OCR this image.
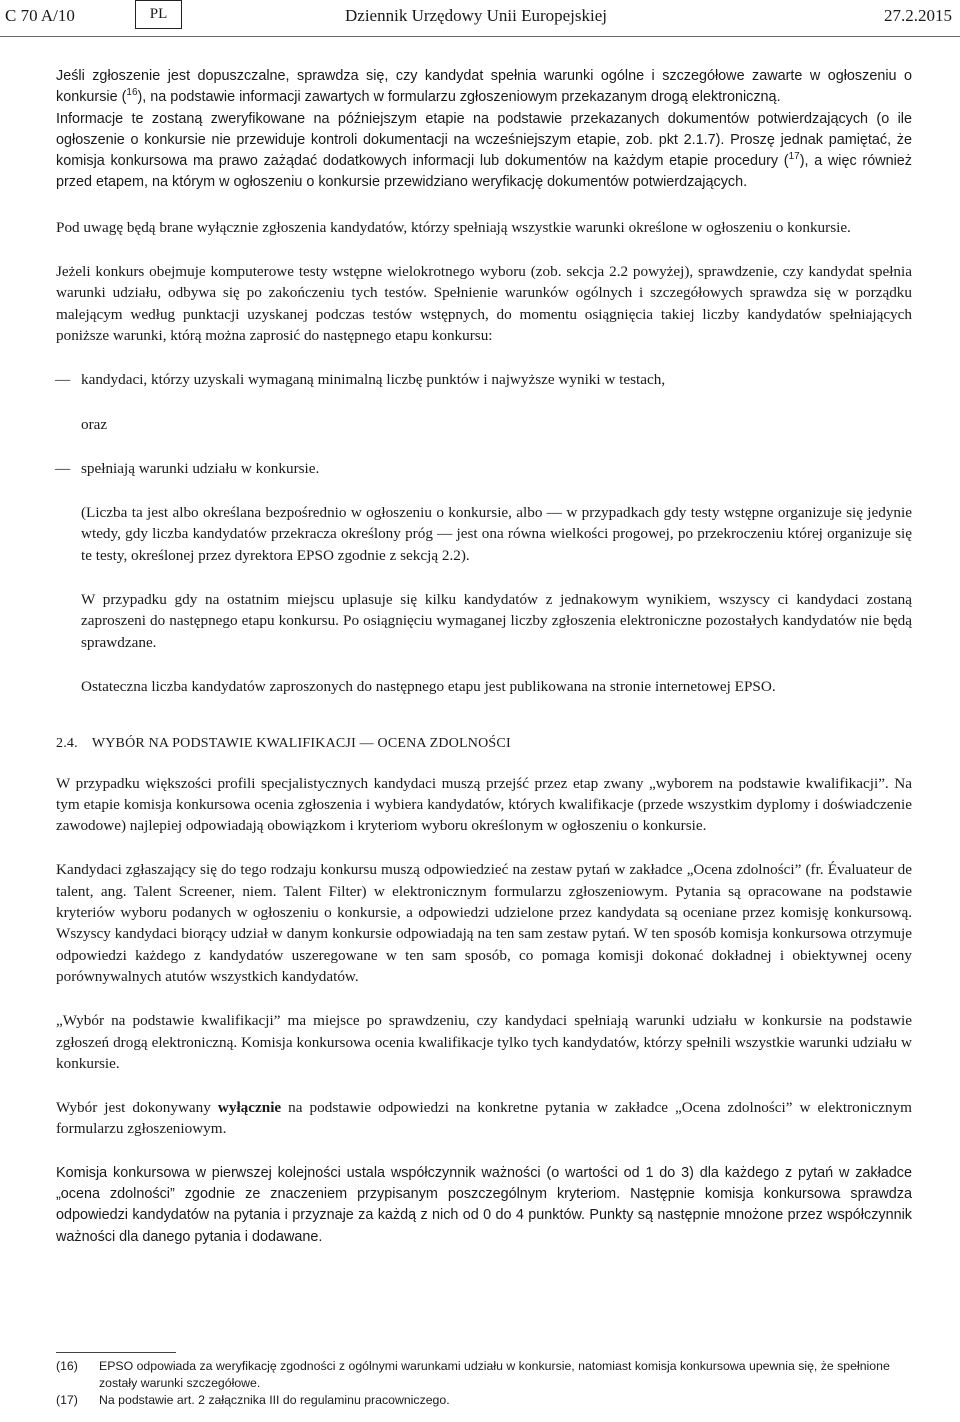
C 70 A/10	PL	Dziennik Urzędowy Unii Europejskiej	27.2.2015

Jeśli zgłoszenie jest dopuszczalne, sprawdza się, czy kandydat spełnia warunki ogólne i szczegółowe zawarte w ogłoszeniu o konkursie ($^{16}$), na podstawie informacji zawartych w formularzu zgłoszeniowym przekazanym drogą elektroniczną.
Informacje te zostaną zweryfikowane na późniejszym etapie na podstawie przekazanych dokumentów potwierdzających (o ile ogłoszenie o konkursie nie przewiduje kontroli dokumentacji na wcześniejszym etapie, zob. pkt 2.1.7). Proszę jednak pamiętać, że komisja konkursowa ma prawo zażądać dodatkowych informacji lub dokumentów na każdym etapie procedury ($^{17}$), a więc również przed etapem, na którym w ogłoszeniu o konkursie przewidziano weryfikację dokumentów potwierdzających.

Pod uwagę będą brane wyłącznie zgłoszenia kandydatów, którzy spełniają wszystkie warunki określone w ogłoszeniu o konkursie.

Jeżeli konkurs obejmuje komputerowe testy wstępne wielokrotnego wyboru (zob. sekcja 2.2 powyżej), sprawdzenie, czy kandydat spełnia warunki udziału, odbywa się po zakończeniu tych testów. Spełnienie warunków ogólnych i szczegółowych sprawdza się w porządku malejącym według punktacji uzyskanej podczas testów wstępnych, do momentu osiągnięcia takiej liczby kandydatów spełniających poniższe warunki, którą można zaprosić do następnego etapu konkursu:

— kandydaci, którzy uzyskali wymaganą minimalną liczbę punktów i najwyższe wyniki w testach,

oraz

— spełniają warunki udziału w konkursie.

(Liczba ta jest albo określana bezpośrednio w ogłoszeniu o konkursie, albo — w przypadkach gdy testy wstępne organizuje się jedynie wtedy, gdy liczba kandydatów przekracza określony próg — jest ona równa wielkości progowej, po przekroczeniu której organizuje się te testy, określonej przez dyrektora EPSO zgodnie z sekcją 2.2).

W przypadku gdy na ostatnim miejscu uplasuje się kilku kandydatów z jednakowym wynikiem, wszyscy ci kandydaci zostaną zaproszeni do następnego etapu konkursu. Po osiągnięciu wymaganej liczby zgłoszenia elektroniczne pozostałych kandydatów nie będą sprawdzane.

Ostateczna liczba kandydatów zaproszonych do następnego etapu jest publikowana na stronie internetowej EPSO.

2.4. WYBÓR NA PODSTAWIE KWALIFIKACJI — OCENA ZDOLNOŚCI

W przypadku większości profili specjalistycznych kandydaci muszą przejść przez etap zwany „wyborem na podstawie kwalifikacji”. Na tym etapie komisja konkursowa ocenia zgłoszenia i wybiera kandydatów, których kwalifikacje (przede wszystkim dyplomy i doświadczenie zawodowe) najlepiej odpowiadają obowiązkom i kryteriom wyboru określonym w ogłoszeniu o konkursie.

Kandydaci zgłaszający się do tego rodzaju konkursu muszą odpowiedzieć na zestaw pytań w zakładce „Ocena zdolności” (fr. Évaluateur de talent, ang. Talent Screener, niem. Talent Filter) w elektronicznym formularzu zgłoszeniowym. Pytania są opracowane na podstawie kryteriów wyboru podanych w ogłoszeniu o konkursie, a odpowiedzi udzielone przez kandydata są oceniane przez komisję konkursową. Wszyscy kandydaci biorący udział w danym konkursie odpowiadają na ten sam zestaw pytań. W ten sposób komisja konkursowa otrzymuje odpowiedzi każdego z kandydatów uszeregowane w ten sam sposób, co pomaga komisji dokonać dokładnej i obiektywnej oceny porównywalnych atutów wszystkich kandydatów.

„Wybór na podstawie kwalifikacji” ma miejsce po sprawdzeniu, czy kandydaci spełniają warunki udziału w konkursie na podstawie zgłoszeń drogą elektroniczną. Komisja konkursowa ocenia kwalifikacje tylko tych kandydatów, którzy spełnili wszystkie warunki udziału w konkursie.

Wybór jest dokonywany wyłącznie na podstawie odpowiedzi na konkretne pytania w zakładce „Ocena zdolności” w elektronicznym formularzu zgłoszeniowym.

Komisja konkursowa w pierwszej kolejności ustala współczynnik ważności (o wartości od 1 do 3) dla każdego z pytań w zakładce „ocena zdolności” zgodnie ze znaczeniem przypisanym poszczególnym kryteriom. Następnie komisja konkursowa sprawdza odpowiedzi kandydatów na pytania i przyznaje za każdą z nich od 0 do 4 punktów. Punkty są następnie mnożone przez współczynnik ważności dla danego pytania i dodawane.

(16) EPSO odpowiada za weryfikację zgodności z ogólnymi warunkami udziału w konkursie, natomiast komisja konkursowa upewnia się, że spełnione zostały warunki szczegółowe.
(17) Na podstawie art. 2 załącznika III do regulaminu pracowniczego.
